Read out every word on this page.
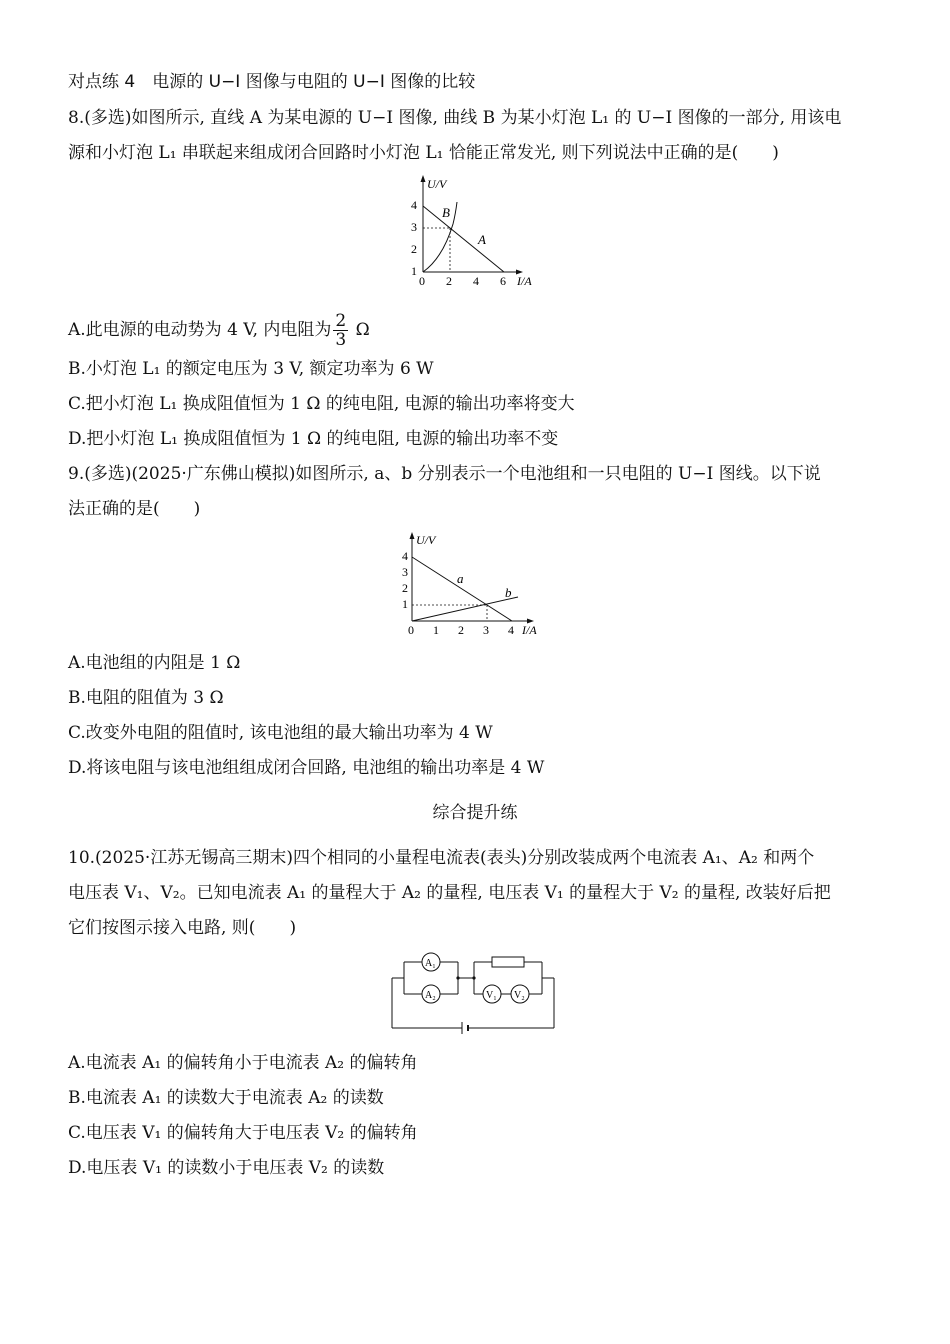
对点练 4　电源的 U−I 图像与电阻的 U−I 图像的比较
8.(多选)如图所示, 直线 A 为某电源的 U−I 图像, 曲线 B 为某小灯泡 L₁ 的 U−I 图像的一部分, 用该电
源和小灯泡 L₁ 串联起来组成闭合回路时小灯泡 L₁ 恰能正常发光, 则下列说法中正确的是(　　)
U/V
I/A
4
3
2
1
0 2 4 6
B
A
A.此电源的电动势为 4 V, 内电阻为 $\frac{2}{3}$ Ω
B.小灯泡 L₁ 的额定电压为 3 V, 额定功率为 6 W
C.把小灯泡 L₁ 换成阻值恒为 1 Ω 的纯电阻, 电源的输出功率将变大
D.把小灯泡 L₁ 换成阻值恒为 1 Ω 的纯电阻, 电源的输出功率不变
9.(多选)(2025·广东佛山模拟)如图所示, a、b 分别表示一个电池组和一只电阻的 U−I 图线。以下说
法正确的是(　　)
U/V
I/A
4
3
2
1
0 1 2 3 4
a
b
A.电池组的内阻是 1 Ω
B.电阻的阻值为 3 Ω
C.改变外电阻的阻值时, 该电池组的最大输出功率为 4 W
D.将该电阻与该电池组组成闭合回路, 电池组的输出功率是 4 W
综合提升练
10.(2025·江苏无锡高三期末)四个相同的小量程电流表(表头)分别改装成两个电流表 A₁、A₂ 和两个
电压表 V₁、V₂。已知电流表 A₁ 的量程大于 A₂ 的量程, 电压表 V₁ 的量程大于 V₂ 的量程, 改装好后把
它们按图示接入电路, 则(　　)
A₁
A₂	V₁ V₂
A.电流表 A₁ 的偏转角小于电流表 A₂ 的偏转角
B.电流表 A₁ 的读数大于电流表 A₂ 的读数
C.电压表 V₁ 的偏转角大于电压表 V₂ 的偏转角
D.电压表 V₁ 的读数小于电压表 V₂ 的读数
